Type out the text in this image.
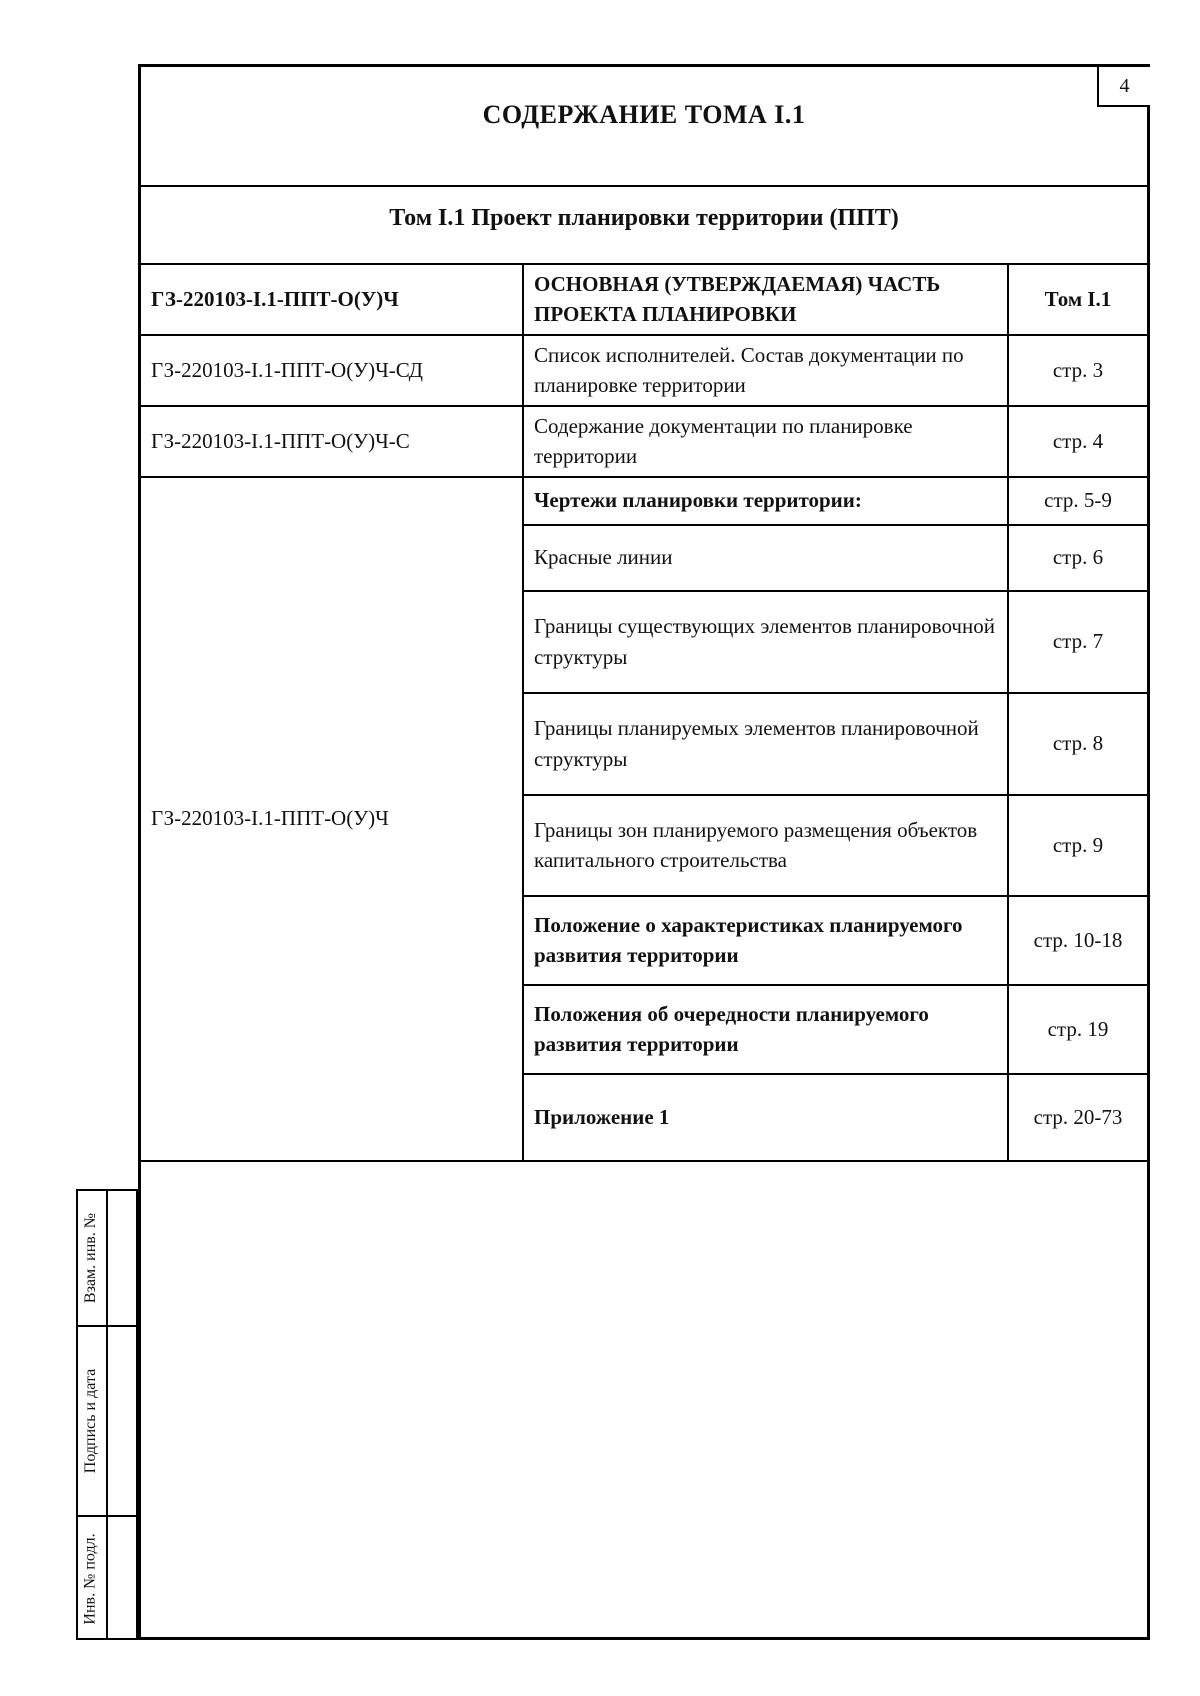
4
СОДЕРЖАНИЕ ТОМА I.1
Том I.1 Проект планировки территории (ППТ)
ГЗ-220103-I.1-ППТ-О(У)Ч	ОСНОВНАЯ (УТВЕРЖДАЕМАЯ) ЧАСТЬ ПРОЕКТА ПЛАНИРОВКИ	Том I.1
ГЗ-220103-I.1-ППТ-О(У)Ч-СД	Список исполнителей. Состав документации по планировке территории	стр. 3
ГЗ-220103-I.1-ППТ-О(У)Ч-С	Содержание документации по планировке территории	стр. 4
ГЗ-220103-I.1-ППТ-О(У)Ч	Чертежи планировки территории:	стр. 5-9
	Красные линии	стр. 6
	Границы существующих элементов планировочной структуры	стр. 7
	Границы планируемых элементов планировочной структуры	стр. 8
	Границы зон планируемого размещения объектов капитального строительства	стр. 9
	Положение о характеристиках планируемого развития территории	стр. 10-18
	Положения об очередности планируемого развития территории	стр. 19
	Приложение 1	стр. 20-73
Взам. инв. №
Подпись и дата
Инв. № подл.
